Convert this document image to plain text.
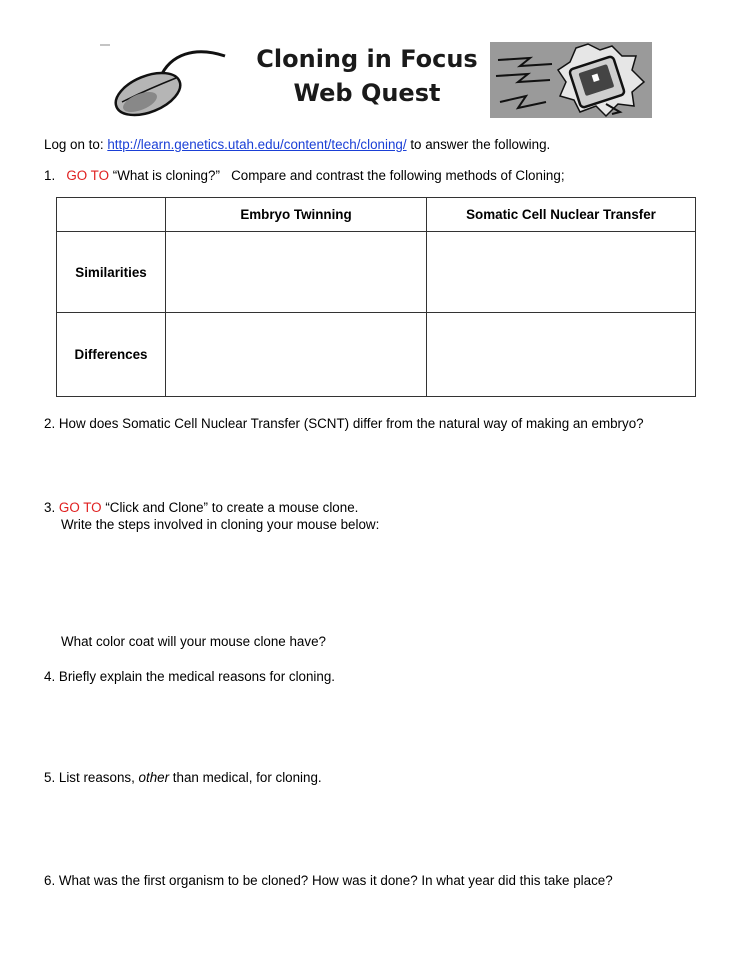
Cloning in Focus
Web Quest
Log on to: http://learn.genetics.utah.edu/content/tech/cloning/ to answer the following.
1. GO TO “What is cloning?”   Compare and contrast the following methods of Cloning;
	Embryo Twinning	Somatic Cell Nuclear Transfer
Similarities		
Differences		
2. How does Somatic Cell Nuclear Transfer (SCNT) differ from the natural way of making an embryo?
3. GO TO “Click and Clone” to create a mouse clone.
Write the steps involved in cloning your mouse below:
What color coat will your mouse clone have?
4. Briefly explain the medical reasons for cloning.
5. List reasons, other than medical, for cloning.
6. What was the first organism to be cloned? How was it done? In what year did this take place?
